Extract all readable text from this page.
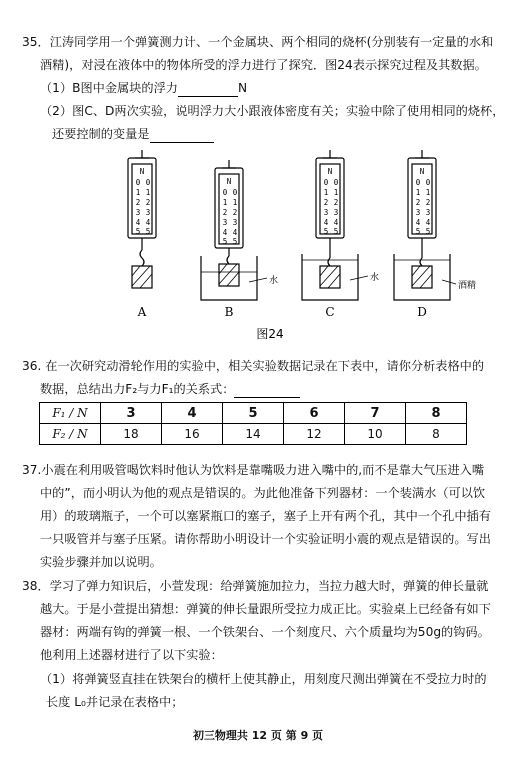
35．江涛同学用一个弹簧测力计、一个金属块、两个相同的烧杯(分别装有一定量的水和
酒精)，对浸在液体中的物体所受的浮力进行了探究．图24表示探究过程及其数据。
（1）B图中金属块的浮力	N
（2）图C、D两次实验，说明浮力大小跟液体密度有关；实验中除了使用相同的烧杯，
还要控制的变量是
N
0 0
1 1
2 2
3 3
4 4
5 5
N
0 0
1 1
2 2
3 3
4 4
5 5
N
0 0
1 1
2 2
3 3
4 4
5 5
N
0 0
1 1
2 2
3 3
4 4
5 5
水	水
酒精
A	B	C	D
图24
36. 在一次研究动滑轮作用的实验中，相关实验数据记录在下表中，请你分析表格中的
数据，总结出力F₂与力F₁的关系式：
F₁ / N	3	4	5	6	7	8
F₂ / N	18	16	14	12	10	8
37.小震在利用吸管喝饮料时他认为饮料是靠嘴吸力进入嘴中的,而不是靠大气压进入嘴
中的”，而小明认为他的观点是错误的。为此他准备下列器材：一个装满水（可以饮
用）的玻璃瓶子，一个可以塞紧瓶口的塞子，塞子上开有两个孔，其中一个孔中插有
一只吸管并与塞子压紧。请你帮助小明设计一个实验证明小震的观点是错误的。写出
实验步骤并加以说明。
38．学习了弹力知识后，小萱发现：给弹簧施加拉力，当拉力越大时，弹簧的伸长量就
越大。于是小萱提出猜想：弹簧的伸长量跟所受拉力成正比。实验桌上已经备有如下
器材：两端有钩的弹簧一根、一个铁架台、一个刻度尺、六个质量均为50g的钩码。
他利用上述器材进行了以下实验：
（1）将弹簧竖直挂在铁架台的横杆上使其静止，用刻度尺测出弹簧在不受拉力时的
长度 L₀并记录在表格中；
初三物理共 12 页 第 9 页
